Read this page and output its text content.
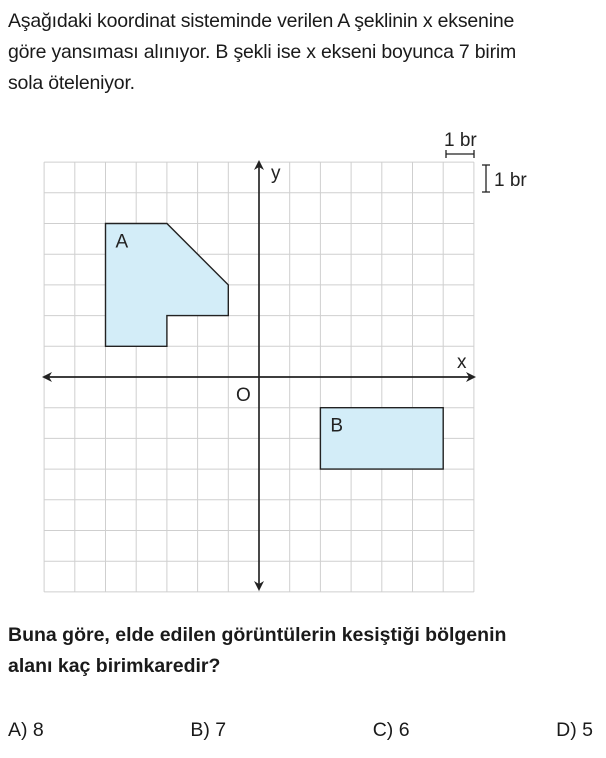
Aşağıdaki koordinat sisteminde verilen A şeklinin x eksenine
göre yansıması alınıyor. B şekli ise x ekseni boyunca 7 birim
sola öteleniyor.
A
B
y
x
O
1 br
1 br
Buna göre, elde edilen görüntülerin kesiştiği bölgenin
alanı kaç birimkaredir?
A) 8	B) 7	C) 6	D) 5
